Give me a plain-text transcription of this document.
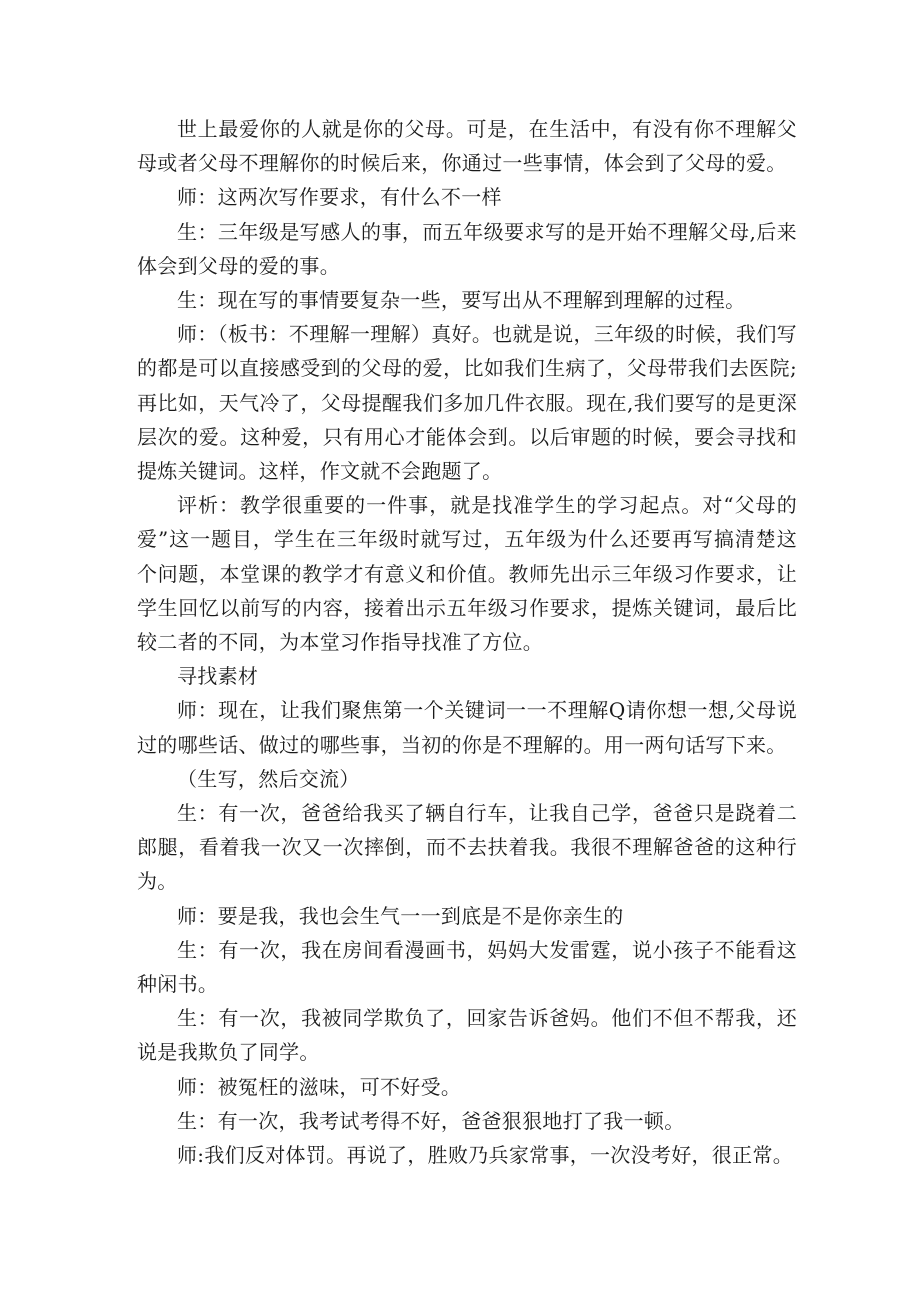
世上最爱你的人就是你的父母。可是，在生活中，有没有你不理解父母或者父母不理解你的时候后来，你通过一些事情，体会到了父母的爱。

师：这两次写作要求，有什么不一样

生：三年级是写感人的事，而五年级要求写的是开始不理解父母,后来体会到父母的爱的事。

生：现在写的事情要复杂一些，要写出从不理解到理解的过程。

师：（板书：不理解一理解）真好。也就是说，三年级的时候，我们写的都是可以直接感受到的父母的爱，比如我们生病了，父母带我们去医院;再比如，天气冷了，父母提醒我们多加几件衣服。现在,我们要写的是更深层次的爱。这种爱，只有用心才能体会到。以后审题的时候，要会寻找和提炼关键词。这样，作文就不会跑题了。

评析：教学很重要的一件事，就是找准学生的学习起点。对“父母的爱”这一题目，学生在三年级时就写过，五年级为什么还要再写搞清楚这个问题，本堂课的教学才有意义和价值。教师先出示三年级习作要求，让学生回忆以前写的内容，接着出示五年级习作要求，提炼关键词，最后比较二者的不同，为本堂习作指导找准了方位。

寻找素材

师：现在，让我们聚焦第一个关键词一一不理解Q请你想一想,父母说过的哪些话、做过的哪些事，当初的你是不理解的。用一两句话写下来。

（生写，然后交流）

生：有一次，爸爸给我买了辆自行车，让我自己学，爸爸只是跷着二郎腿，看着我一次又一次摔倒，而不去扶着我。我很不理解爸爸的这种行为。

师：要是我，我也会生气一一到底是不是你亲生的

生：有一次，我在房间看漫画书，妈妈大发雷霆，说小孩子不能看这种闲书。

生：有一次，我被同学欺负了，回家告诉爸妈。他们不但不帮我，还说是我欺负了同学。

师：被冤枉的滋味，可不好受。

生：有一次，我考试考得不好，爸爸狠狠地打了我一顿。

师:我们反对体罚。再说了，胜败乃兵家常事，一次没考好，很正常。
